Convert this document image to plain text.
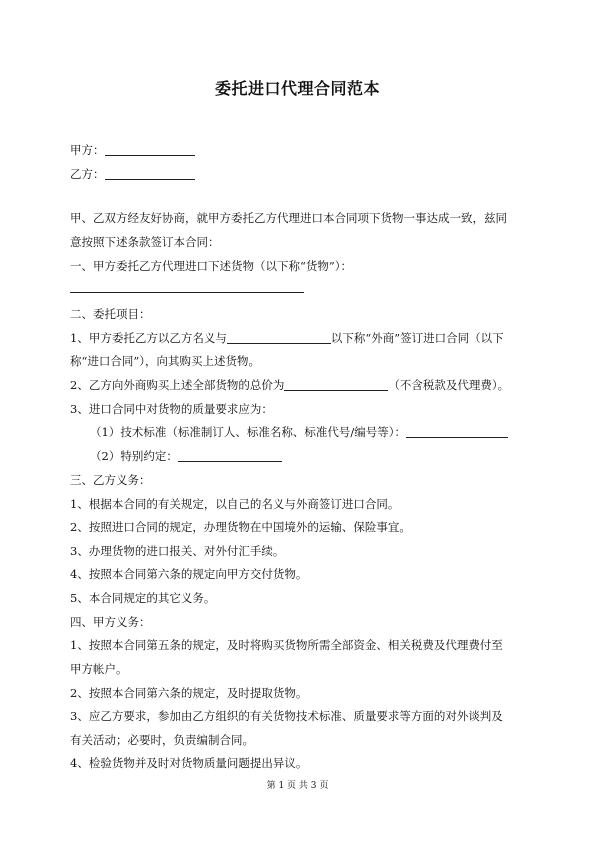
委托进口代理合同范本
甲方：
乙方：
甲、乙双方经友好协商，就甲方委托乙方代理进口本合同项下货物一事达成一致，兹同
意按照下述条款签订本合同：
一、甲方委托乙方代理进口下述货物（以下称“货物”）：
二、委托项目：
1、甲方委托乙方以乙方名义与	以下称“外商”签订进口合同（以下
称“进口合同”），向其购买上述货物。
2、乙方向外商购买上述全部货物的总价为	（不含税款及代理费）。
3、进口合同中对货物的质量要求应为：
（1）技术标准（标准制订人、标准名称、标准代号/编号等）：
（2）特别约定：
三、乙方义务：
1、根据本合同的有关规定，以自己的名义与外商签订进口合同。
2、按照进口合同的规定，办理货物在中国境外的运输、保险事宜。
3、办理货物的进口报关、对外付汇手续。
4、按照本合同第六条的规定向甲方交付货物。
5、本合同规定的其它义务。
四、甲方义务：
1、按照本合同第五条的规定，及时将购买货物所需全部资金、相关税费及代理费付至
甲方帐户。
2、按照本合同第六条的规定，及时提取货物。
3、应乙方要求，参加由乙方组织的有关货物技术标准、质量要求等方面的对外谈判及
有关活动；必要时，负责编制合同。
4、检验货物并及时对货物质量问题提出异议。
第 1 页 共 3 页
